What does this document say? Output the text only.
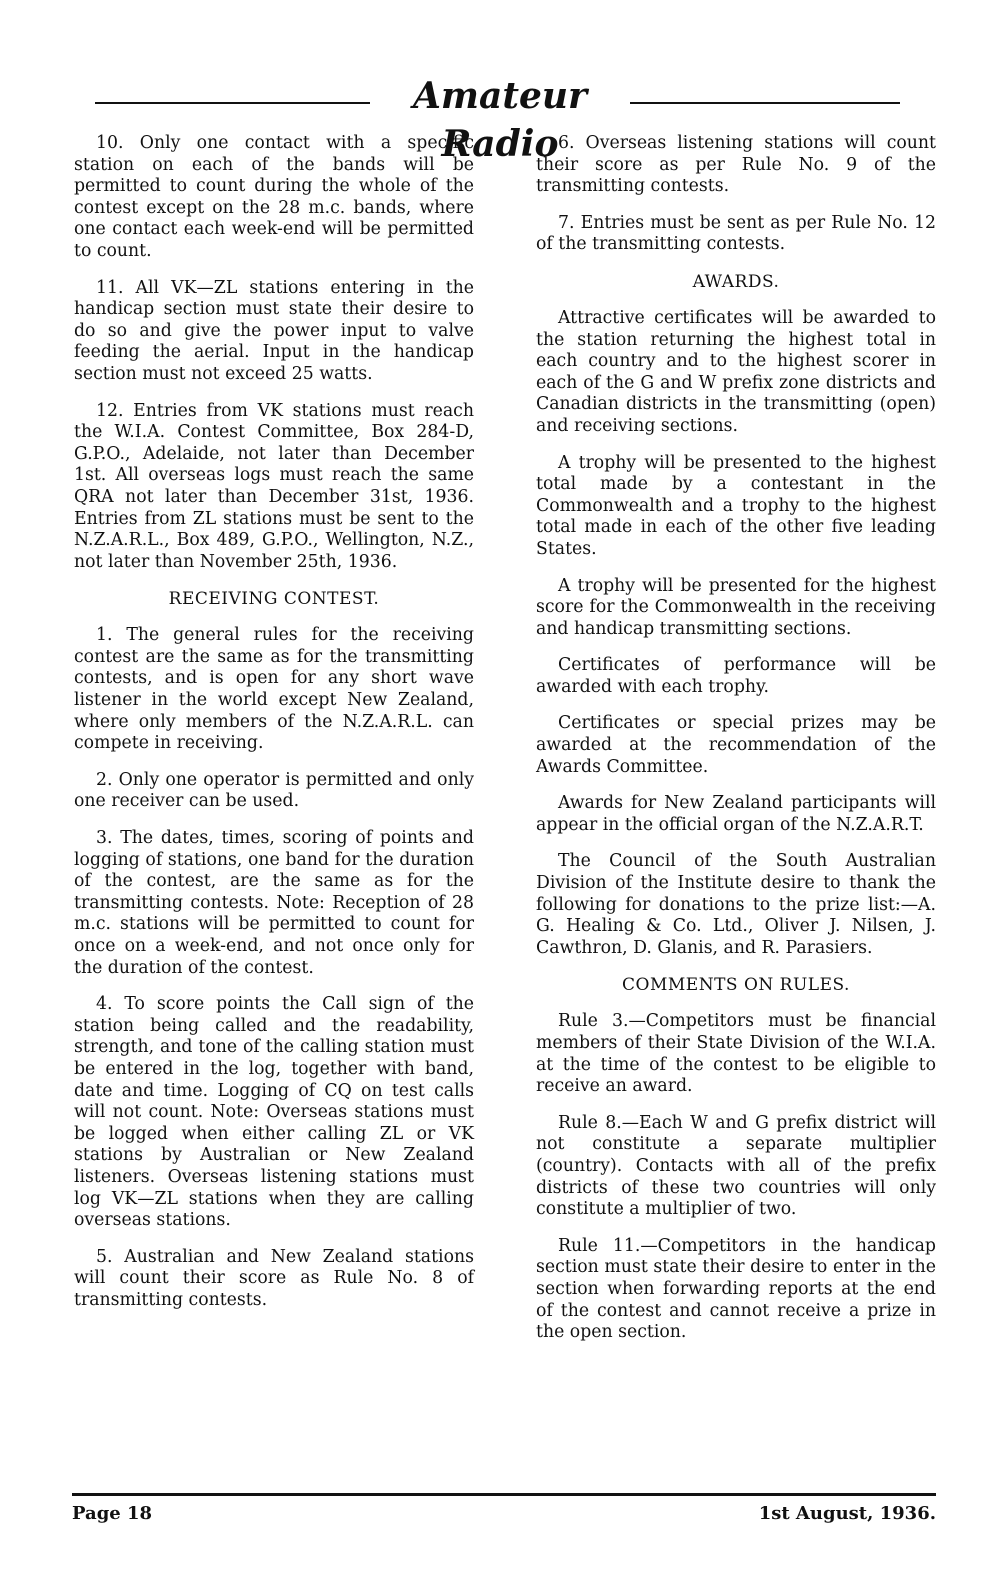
Amateur Radio
10. Only one contact with a specific station on each of the bands will be permitted to count during the whole of the contest except on the 28 m.c. bands, where one contact each week-end will be permitted to count.
11. All VK—ZL stations entering in the handicap section must state their desire to do so and give the power input to valve feeding the aerial. Input in the handicap section must not exceed 25 watts.
12. Entries from VK stations must reach the W.I.A. Contest Committee, Box 284-D, G.P.O., Adelaide, not later than December 1st. All overseas logs must reach the same QRA not later than December 31st, 1936. Entries from ZL stations must be sent to the N.Z.A.R.L., Box 489, G.P.O., Wellington, N.Z., not later than November 25th, 1936.
RECEIVING CONTEST.
1. The general rules for the receiving contest are the same as for the transmitting contests, and is open for any short wave listener in the world except New Zealand, where only members of the N.Z.A.R.L. can compete in receiving.
2. Only one operator is permitted and only one receiver can be used.
3. The dates, times, scoring of points and logging of stations, one band for the duration of the contest, are the same as for the transmitting contests. Note: Reception of 28 m.c. stations will be permitted to count for once on a week-end, and not once only for the duration of the contest.
4. To score points the Call sign of the station being called and the readability, strength, and tone of the calling station must be entered in the log, together with band, date and time. Logging of CQ on test calls will not count. Note: Overseas stations must be logged when either calling ZL or VK stations by Australian or New Zealand listeners. Overseas listening stations must log VK—ZL stations when they are calling overseas stations.
5. Australian and New Zealand stations will count their score as Rule No. 8 of transmitting contests.
6. Overseas listening stations will count their score as per Rule No. 9 of the transmitting contests.
7. Entries must be sent as per Rule No. 12 of the transmitting contests.
AWARDS.
Attractive certificates will be awarded to the station returning the highest total in each country and to the highest scorer in each of the G and W prefix zone districts and Canadian districts in the transmitting (open) and receiving sections.
A trophy will be presented to the highest total made by a contestant in the Commonwealth and a trophy to the highest total made in each of the other five leading States.
A trophy will be presented for the highest score for the Commonwealth in the receiving and handicap transmitting sections.
Certificates of performance will be awarded with each trophy.
Certificates or special prizes may be awarded at the recommendation of the Awards Committee.
Awards for New Zealand participants will appear in the official organ of the N.Z.A.R.T.
The Council of the South Australian Division of the Institute desire to thank the following for donations to the prize list:—A. G. Healing & Co. Ltd., Oliver J. Nilsen, J. Cawthron, D. Glanis, and R. Parasiers.
COMMENTS ON RULES.
Rule 3.—Competitors must be financial members of their State Division of the W.I.A. at the time of the contest to be eligible to receive an award.
Rule 8.—Each W and G prefix district will not constitute a separate multiplier (country). Contacts with all of the prefix districts of these two countries will only constitute a multiplier of two.
Rule 11.—Competitors in the handicap section must state their desire to enter in the section when forwarding reports at the end of the contest and cannot receive a prize in the open section.
Page 18	1st August, 1936.
